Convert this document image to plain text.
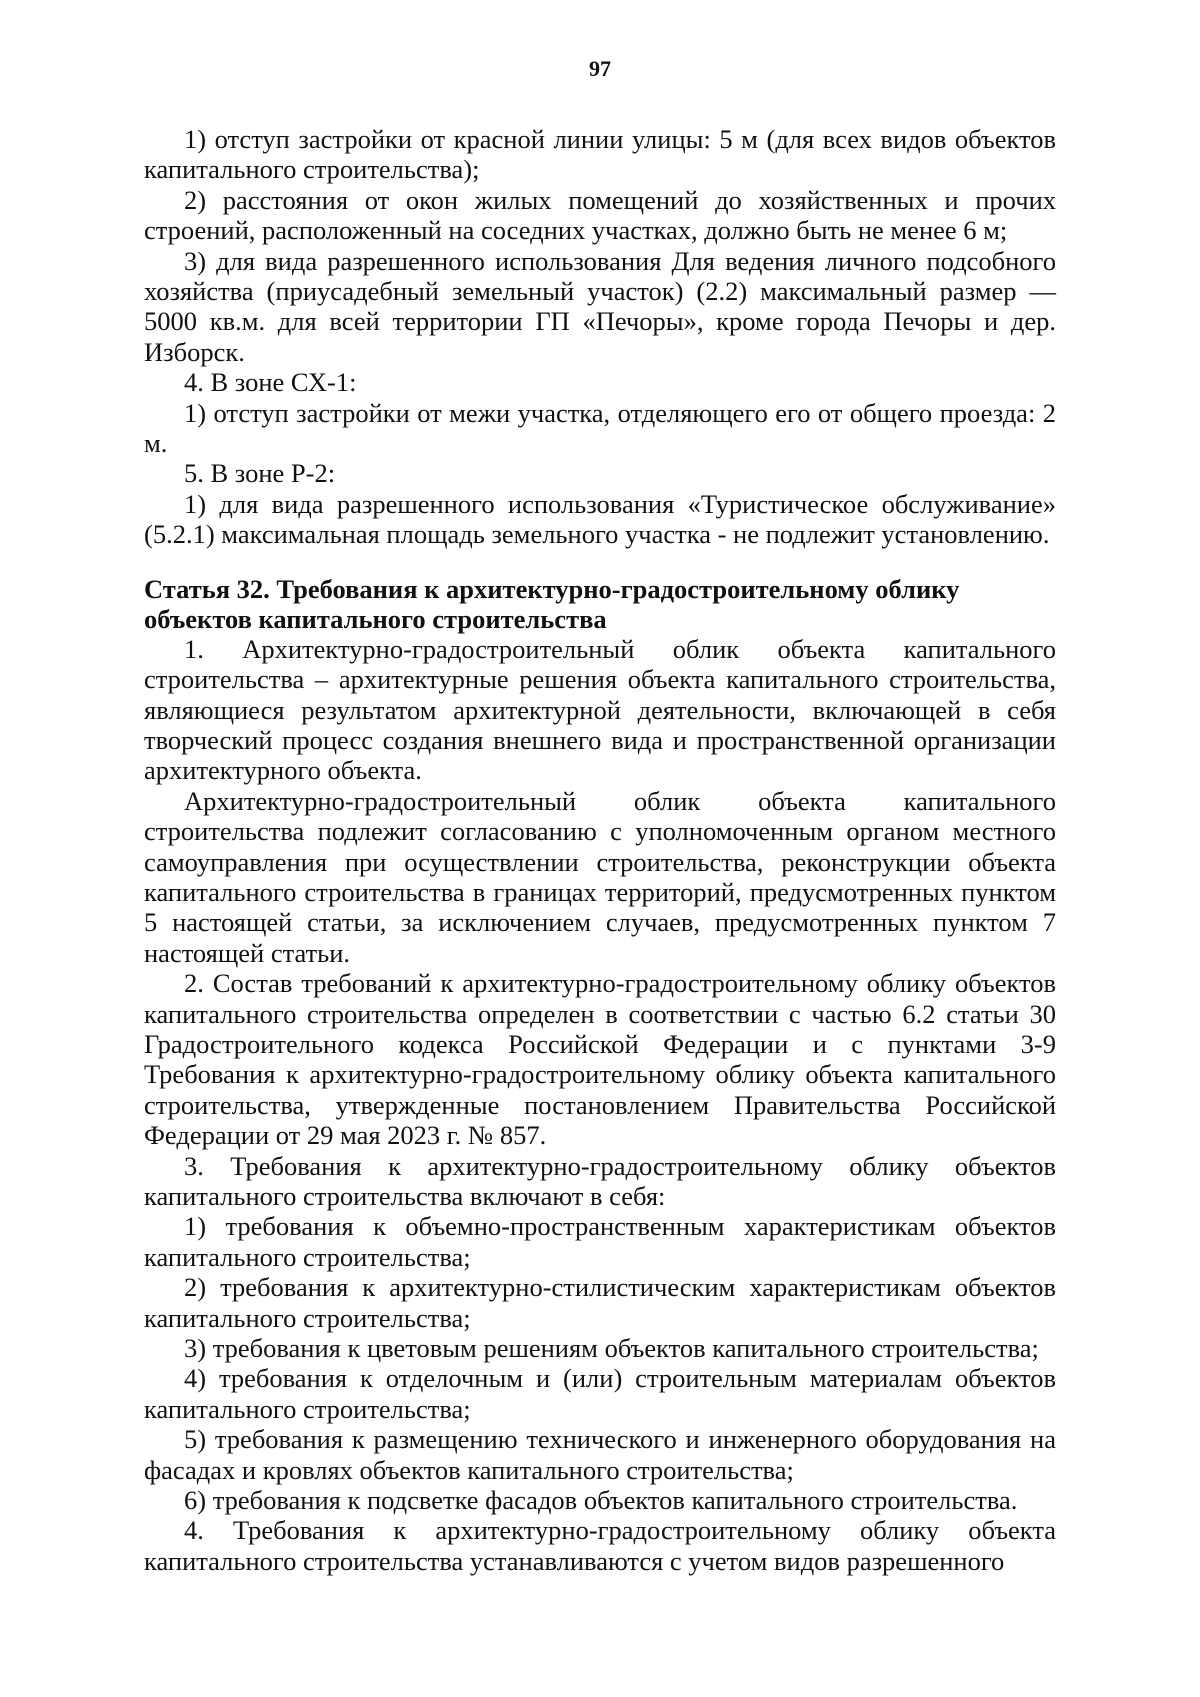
97

1) отступ застройки от красной линии улицы: 5 м (для всех видов объектов капитального строительства);

2) расстояния от окон жилых помещений до хозяйственных и прочих строений, расположенный на соседних участках, должно быть не менее 6 м;

3) для вида разрешенного использования Для ведения личного подсобного хозяйства (приусадебный земельный участок) (2.2) максимальный размер — 5000 кв.м. для всей территории ГП «Печоры», кроме города Печоры и дер. Изборск.

4. В зоне СХ-1:

1) отступ застройки от межи участка, отделяющего его от общего проезда: 2 м.

5. В зоне Р-2:

1) для вида разрешенного использования «Туристическое обслуживание» (5.2.1) максимальная площадь земельного участка - не подлежит установлению.

Статья 32. Требования к архитектурно-градостроительному облику объектов капитального строительства

1. Архитектурно-градостроительный облик объекта капитального строительства – архитектурные решения объекта капитального строительства, являющиеся результатом архитектурной деятельности, включающей в себя творческий процесс создания внешнего вида и пространственной организации архитектурного объекта.

Архитектурно-градостроительный облик объекта капитального строительства подлежит согласованию с уполномоченным органом местного самоуправления при осуществлении строительства, реконструкции объекта капитального строительства в границах территорий, предусмотренных пунктом 5 настоящей статьи, за исключением случаев, предусмотренных пунктом 7 настоящей статьи.

2. Состав требований к архитектурно-градостроительному облику объектов капитального строительства определен в соответствии с частью 6.2 статьи 30 Градостроительного кодекса Российской Федерации и с пунктами 3-9 Требования к архитектурно-градостроительному облику объекта капитального строительства, утвержденные постановлением Правительства Российской Федерации от 29 мая 2023 г. № 857.

3. Требования к архитектурно-градостроительному облику объектов капитального строительства включают в себя:

1) требования к объемно-пространственным характеристикам объектов капитального строительства;

2) требования к архитектурно-стилистическим характеристикам объектов капитального строительства;

3) требования к цветовым решениям объектов капитального строительства;

4) требования к отделочным и (или) строительным материалам объектов капитального строительства;

5) требования к размещению технического и инженерного оборудования на фасадах и кровлях объектов капитального строительства;

6) требования к подсветке фасадов объектов капитального строительства.

4. Требования к архитектурно-градостроительному облику объекта капитального строительства устанавливаются с учетом видов разрешенного
